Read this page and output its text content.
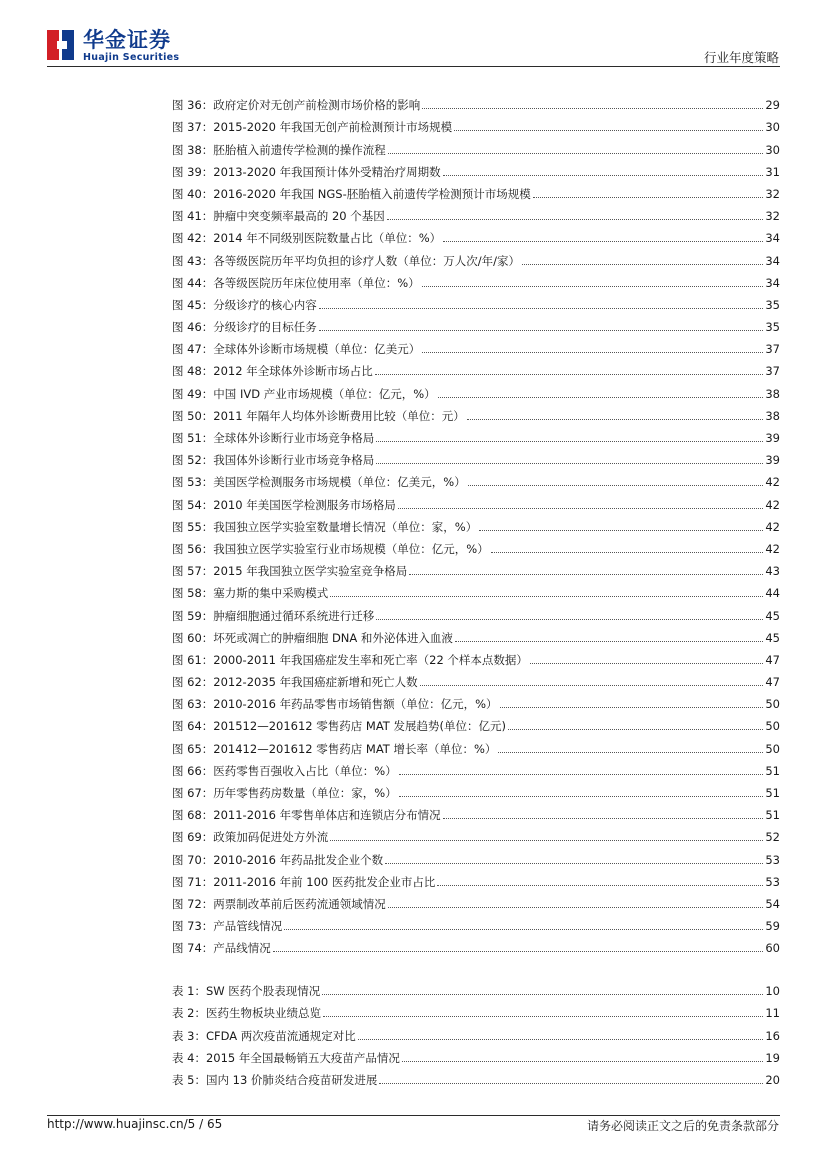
华金证券
Huajin Securities	行业年度策略
图 36：政府定价对无创产前检测市场价格的影响	29
图 37：2015-2020 年我国无创产前检测预计市场规模	30
图 38：胚胎植入前遗传学检测的操作流程	30
图 39：2013-2020 年我国预计体外受精治疗周期数	31
图 40：2016-2020 年我国 NGS-胚胎植入前遗传学检测预计市场规模	32
图 41：肿瘤中突变频率最高的 20 个基因	32
图 42：2014 年不同级别医院数量占比（单位：%）	34
图 43：各等级医院历年平均负担的诊疗人数（单位：万人次/年/家）	34
图 44：各等级医院历年床位使用率（单位：%）	34
图 45：分级诊疗的核心内容	35
图 46：分级诊疗的目标任务	35
图 47：全球体外诊断市场规模（单位：亿美元）	37
图 48：2012 年全球体外诊断市场占比	37
图 49：中国 IVD 产业市场规模（单位：亿元，%）	38
图 50：2011 年隔年人均体外诊断费用比较（单位：元）	38
图 51：全球体外诊断行业市场竞争格局	39
图 52：我国体外诊断行业市场竞争格局	39
图 53：美国医学检测服务市场规模（单位：亿美元，%）	42
图 54：2010 年美国医学检测服务市场格局	42
图 55：我国独立医学实验室数量增长情况（单位：家，%）	42
图 56：我国独立医学实验室行业市场规模（单位：亿元，%）	42
图 57：2015 年我国独立医学实验室竞争格局	43
图 58：塞力斯的集中采购模式	44
图 59：肿瘤细胞通过循环系统进行迁移	45
图 60：坏死或凋亡的肿瘤细胞 DNA 和外泌体进入血液	45
图 61：2000-2011 年我国癌症发生率和死亡率（22 个样本点数据）	47
图 62：2012-2035 年我国癌症新增和死亡人数	47
图 63：2010-2016 年药品零售市场销售额（单位：亿元，%）	50
图 64：201512—201612 零售药店 MAT 发展趋势(单位：亿元)	50
图 65：201412—201612 零售药店 MAT 增长率（单位：%）	50
图 66：医药零售百强收入占比（单位：%）	51
图 67：历年零售药房数量（单位：家，%）	51
图 68：2011-2016 年零售单体店和连锁店分布情况	51
图 69：政策加码促进处方外流	52
图 70：2010-2016 年药品批发企业个数	53
图 71：2011-2016 年前 100 医药批发企业市占比	53
图 72：两票制改革前后医药流通领域情况	54
图 73：产品管线情况	59
图 74：产品线情况	60
表 1：SW 医药个股表现情况	10
表 2：医药生物板块业绩总览	11
表 3：CFDA 两次疫苗流通规定对比	16
表 4：2015 年全国最畅销五大疫苗产品情况	19
表 5：国内 13 价肺炎结合疫苗研发进展	20
http://www.huajinsc.cn/5 / 65	请务必阅读正文之后的免责条款部分
